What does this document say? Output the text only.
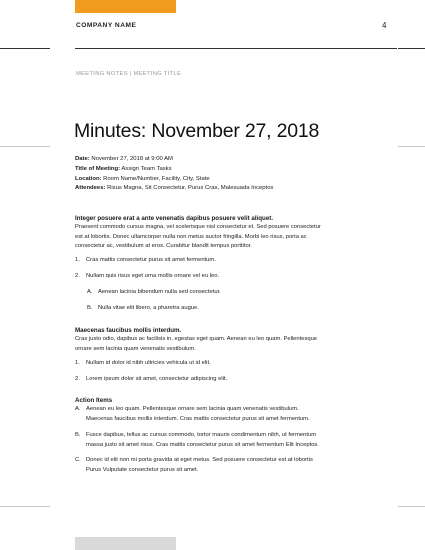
COMPANY NAME	4
MEETING NOTES | MEETING TITLE
Minutes: November 27, 2018
Date: November 27, 2018 at 9:00 AM
Title of Meeting: Assign Team Tasks
Location: Room Name/Number, Facility, City, State
Attendees: Risus Magna, Sit Consectetur, Purus Cras, Malesuada Inceptos
Integer posuere erat a ante venenatis dapibus posuere velit aliquet.
Praesent commodo cursus magna, vel scelerisque nisl consectetur et. Sed posuere consectetur
est at lobortis. Donec ullamcorper nulla non metus auctor fringilla. Morbi leo risus, porta ac
consectetur ac, vestibulum at eros. Curabitur blandit tempus porttitor.
1. Cras mattis consectetur purus sit amet fermentum.
2. Nullam quis risus eget urna mollis ornare vel eu leo.
A. Aenean lacinia bibendum nulla sed consectetur.
B. Nulla vitae elit libero, a pharetra augue.
Maecenas faucibus mollis interdum.
Cras justo odio, dapibus ac facilisis in, egestas eget quam. Aenean eu leo quam. Pellentesque
ornare sem lacinia quam venenatis vestibulum.
1. Nullam id dolor id nibh ultricies vehicula ut id elit.
2. Lorem ipsum dolor sit amet, consectetur adipiscing elit.
Action Items
A. Aenean eu leo quam. Pellentesque ornare sem lacinia quam venenatis vestibulum.
Maecenas faucibus mollis interdum. Cras mattis consectetur purus sit amet fermentum.
B. Fusce dapibus, tellus ac cursus commodo, tortor mauris condimentum nibh, ut fermentum
massa justo sit amet risus. Cras mattis consectetur purus sit amet fermentum Elit Inceptos.
C. Donec id elit non mi porta gravida at eget metus. Sed posuere consectetur est at lobortis
Purus Vulputate consectetur purus sit amet.
